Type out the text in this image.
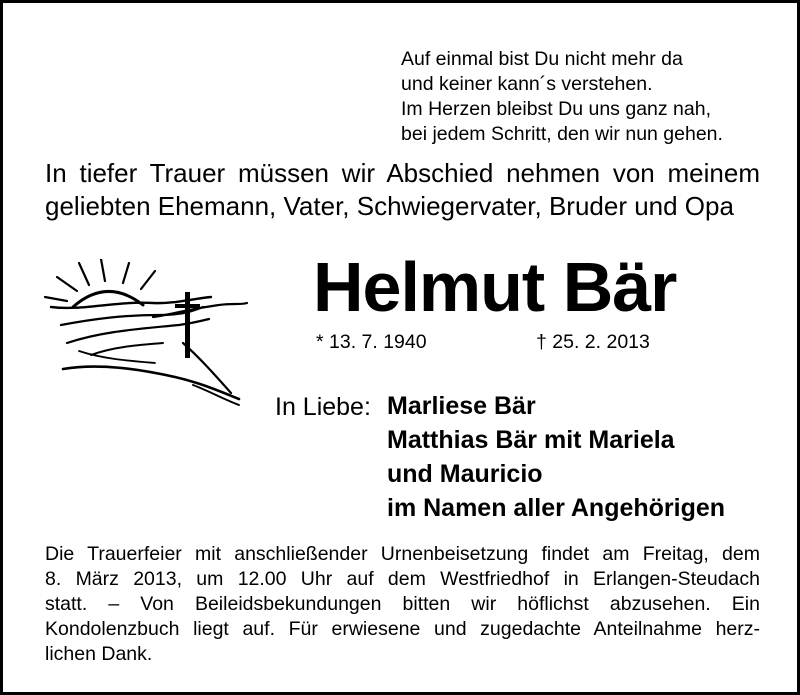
Auf einmal bist Du nicht mehr da
und keiner kann´s verstehen.
Im Herzen bleibst Du uns ganz nah,
bei jedem Schritt, den wir nun gehen.
In tiefer Trauer müssen wir Abschied nehmen von meinem geliebten Ehemann, Vater, Schwiegervater, Bruder und Opa
Helmut Bär
* 13. 7. 1940	† 25. 2. 2013
In Liebe: Marliese Bär
Matthias Bär mit Mariela
und Mauricio
im Namen aller Angehörigen
Die Trauerfeier mit anschließender Urnenbeisetzung findet am Freitag, dem
8. März 2013, um 12.00 Uhr auf dem Westfriedhof in Erlangen-Steudach
statt. – Von Beileidsbekundungen bitten wir höflichst abzusehen. Ein
Kondolenzbuch liegt auf. Für erwiesene und zugedachte Anteilnahme herz-
lichen Dank.
